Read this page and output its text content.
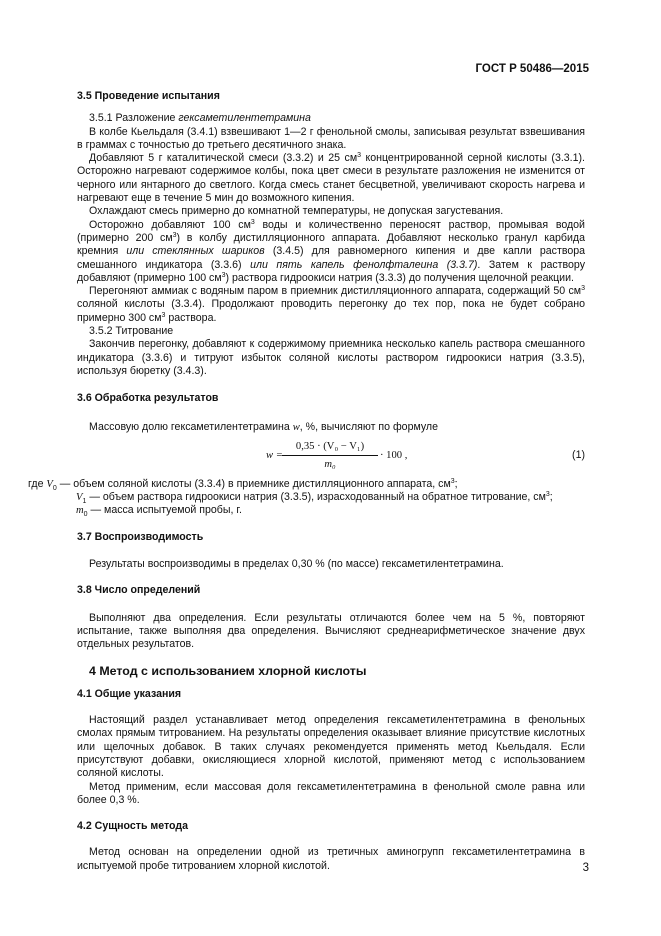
ГОСТ Р 50486—2015

3.5 Проведение испытания

3.5.1 Разложение гексаметилентетрамина

В колбе Кьельдаля (3.4.1) взвешивают 1—2 г фенольной смолы, записывая результат взвешивания в граммах с точностью до третьего десятичного знака.

Добавляют 5 г каталитической смеси (3.3.2) и 25 $см^3$ концентрированной серной кислоты (3.3.1). Осторожно нагревают содержимое колбы, пока цвет смеси в результате разложения не изменится от черного или янтарного до светлого. Когда смесь станет бесцветной, увеличивают скорость нагрева и нагревают еще в течение 5 мин до возможного кипения.

Охлаждают смесь примерно до комнатной температуры, не допуская загустевания.

Осторожно добавляют 100 $см^3$ воды и количественно переносят раствор, промывая водой (примерно 200 $см^3$) в колбу дистилляционного аппарата. Добавляют несколько гранул карбида кремния или стеклянных шариков (3.4.5) для равномерного кипения и две капли раствора смешанного индикатора (3.3.6) или пять капель фенолфталеина (3.3.7). Затем к раствору добавляют (примерно 100 $см^3$) раствора гидроокиси натрия (3.3.3) до получения щелочной реакции.

Перегоняют аммиак с водяным паром в приемник дистилляционного аппарата, содержащий 50 $см^3$ соляной кислоты (3.3.4). Продолжают проводить перегонку до тех пор, пока не будет собрано примерно 300 $см^3$ раствора.

3.5.2 Титрование

Закончив перегонку, добавляют к содержимому приемника несколько капель раствора смешанного индикатора (3.3.6) и титруют избыток соляной кислоты раствором гидроокиси натрия (3.3.5), используя бюретку (3.4.3).

3.6 Обработка результатов

Массовую долю гексаметилентетрамина w, %, вычисляют по формуле

$w = \frac{\text{0,35 · (V₀ − V₁)}}{\text{m₀}} \cdot 100$ ,	(1)
где $V_0$ — объем соляной кислоты (3.3.4) в приемнике дистилляционного аппарата, $см^3$;
$V_1$ — объем раствора гидроокиси натрия (3.3.5), израсходованный на обратное титрование, $см^3$;
$m_0$ — масса испытуемой пробы, г.

3.7 Воспроизводимость

Результаты воспроизводимы в пределах 0,30 % (по массе) гексаметилентетрамина.

3.8 Число определений

Выполняют два определения. Если результаты отличаются более чем на 5 %, повторяют испытание, также выполняя два определения. Вычисляют среднеарифметическое значение двух отдельных результатов.

4 Метод с использованием хлорной кислоты

4.1 Общие указания

Настоящий раздел устанавливает метод определения гексаметилентетрамина в фенольных смолах прямым титрованием. На результаты определения оказывает влияние присутствие кислотных или щелочных добавок. В таких случаях рекомендуется применять метод Кьельдаля. Если присутствуют добавки, окисляющиеся хлорной кислотой, применяют метод с использованием соляной кислоты.

Метод применим, если массовая доля гексаметилентетрамина в фенольной смоле равна или более 0,3 %.

4.2 Сущность метода

Метод основан на определении одной из третичных аминогрупп гексаметилентетрамина в испытуемой пробе титрованием хлорной кислотой.	3
